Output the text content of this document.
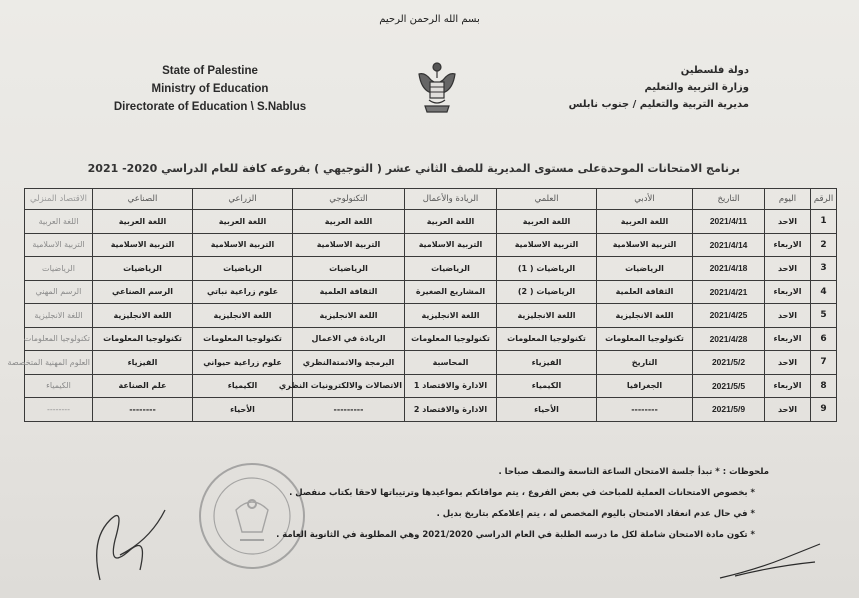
بسم الله الرحمن الرحيم
State of Palestine
Ministry of Education
Directorate of Education \ S.Nablus
دولة فلسطين
وزارة التربية والتعليم
مديرية التربية والتعليم / جنوب نابلس
برنامج الامتحانات الموحدةعلى مستوى المديرية للصف الثاني عشر ( التوجيهي ) بفروعه كافة للعام الدراسي 2020- 2021
الرقم	اليوم	التاريخ	الأدبي	العلمي	الريادة والأعمال	التكنولوجي	الزراعي	الصناعي	الاقتصاد المنزلي
1	الاحد	2021/4/11	اللغة العربية	اللغة العربية	اللغة العربية	اللغة العربية	اللغة العربية	اللغة العربية	اللغة العربية
2	الاربعاء	2021/4/14	التربية الاسلامية	التربية الاسلامية	التربية الاسلامية	التربية الاسلامية	التربية الاسلامية	التربية الاسلامية	التربية الاسلامية
3	الاحد	2021/4/18	الرياضيات	الرياضيات ( 1)	الرياضيات	الرياضيات	الرياضيات	الرياضيات	الرياضيات
4	الاربعاء	2021/4/21	الثقافة العلمية	الرياضيات ( 2)	المشاريع الصغيرة	الثقافة العلمية	علوم زراعية نباتي	الرسم الصناعي	الرسم المهني
5	الاحد	2021/4/25	اللغة الانجليزية	اللغة الانجليزية	اللغة الانجليزية	اللغة الانجليزية	اللغة الانجليزية	اللغة الانجليزية	اللغة الانجليزية
6	الاربعاء	2021/4/28	تكنولوجيا المعلومات	تكنولوجيا المعلومات	تكنولوجيا المعلومات	الريادة في الاعمال	تكنولوجيا المعلومات	تكنولوجيا المعلومات	تكنولوجيا المعلومات
7	الاحد	2021/5/2	التاريخ	الفيزياء	المحاسبة	البرمجة والاتمتةالنظري	علوم زراعية حيواني	الفيزياء	العلوم المهنية المتخصصة
8	الاربعاء	2021/5/5	الجغرافيا	الكيمياء	الادارة والاقتصاد 1	الاتصالات والالكترونيات النظري	الكيمياء	علم الصناعة	الكيمياء
9	الاحد	2021/5/9	--------	الأحياء	الادارة والاقتصاد 2	---------	الأحياء	--------	--------
ملحوظات : * تبدأ جلسة الامتحان الساعة التاسعة والنصف صباحا .
* بخصوص الامتحانات العملية للمباحث في بعض الفروع ، يتم موافاتكم بمواعيدها وترتيباتها لاحقا بكتاب منفصل .
* في حال عدم انعقاد الامتحان باليوم المخصص له ، يتم إعلامكم بتاريخ بديل .
* تكون مادة الامتحان شاملة لكل ما درسه الطلبة في العام الدراسي 2021/2020 وهي المطلوبة في الثانوية العامة .
